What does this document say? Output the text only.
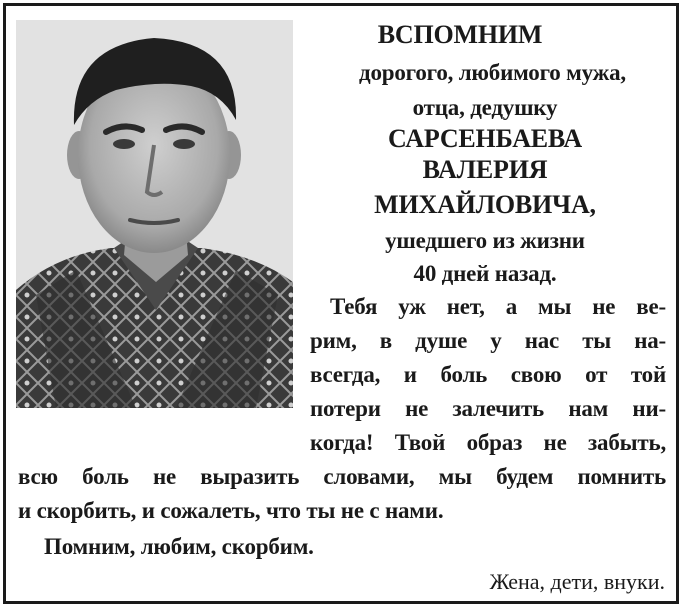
ВСПОМНИМ
дорогого, любимого мужа,
отца, дедушку
САРСЕНБАЕВА
ВАЛЕРИЯ
МИХАЙЛОВИЧА,
ушедшего из жизни
40 дней назад.
Тебя уж нет, а мы не ве-
рим, в душе у нас ты на-
всегда, и боль свою от той
потери не залечить нам ни-
когда! Твой образ не забыть,
всю боль не выразить словами, мы будем помнить
и скорбить, и сожалеть, что ты не с нами.
Помним, любим, скорбим.
Жена, дети, внуки.
